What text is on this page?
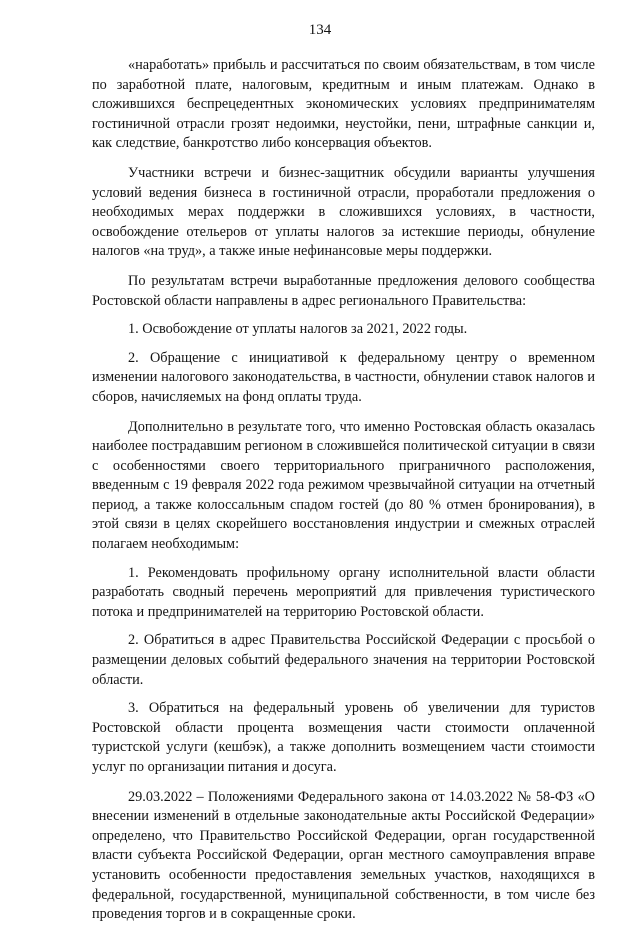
134

«наработать» прибыль и рассчитаться по своим обязательствам, в том числе по заработной плате, налоговым, кредитным и иным платежам. Однако в сложившихся беспрецедентных экономических условиях предпринимателям гостиничной отрасли грозят недоимки, неустойки, пени, штрафные санкции и, как следствие, банкротство либо консервация объектов.

Участники встречи и бизнес-защитник обсудили варианты улучшения условий ведения бизнеса в гостиничной отрасли, проработали предложения о необходимых мерах поддержки в сложившихся условиях, в частности, освобождение отельеров от уплаты налогов за истекшие периоды, обнуление налогов «на труд», а также иные нефинансовые меры поддержки.

По результатам встречи выработанные предложения делового сообщества Ростовской области направлены в адрес регионального Правительства:

1. Освобождение от уплаты налогов за 2021, 2022 годы.

2. Обращение с инициативой к федеральному центру о временном изменении налогового законодательства, в частности, обнулении ставок налогов и сборов, начисляемых на фонд оплаты труда.

Дополнительно в результате того, что именно Ростовская область оказалась наиболее пострадавшим регионом в сложившейся политической ситуации в связи с особенностями своего территориального приграничного расположения, введенным с 19 февраля 2022 года режимом чрезвычайной ситуации на отчетный период, а также колоссальным спадом гостей (до 80 % отмен бронирования), в этой связи в целях скорейшего восстановления индустрии и смежных отраслей полагаем необходимым:

1. Рекомендовать профильному органу исполнительной власти области разработать сводный перечень мероприятий для привлечения туристического потока и предпринимателей на территорию Ростовской области.

2. Обратиться в адрес Правительства Российской Федерации с просьбой о размещении деловых событий федерального значения на территории Ростовской области.

3. Обратиться на федеральный уровень об увеличении для туристов Ростовской области процента возмещения части стоимости оплаченной туристской услуги (кешбэк), а также дополнить возмещением части стоимости услуг по организации питания и досуга.

29.03.2022 – Положениями Федерального закона от 14.03.2022 № 58-ФЗ «О внесении изменений в отдельные законодательные акты Российской Федерации» определено, что Правительство Российской Федерации, орган государственной власти субъекта Российской Федерации, орган местного самоуправления вправе установить особенности предоставления земельных участков, находящихся в федеральной, государственной, муниципальной собственности, в том числе без проведения торгов и в сокращенные сроки.
